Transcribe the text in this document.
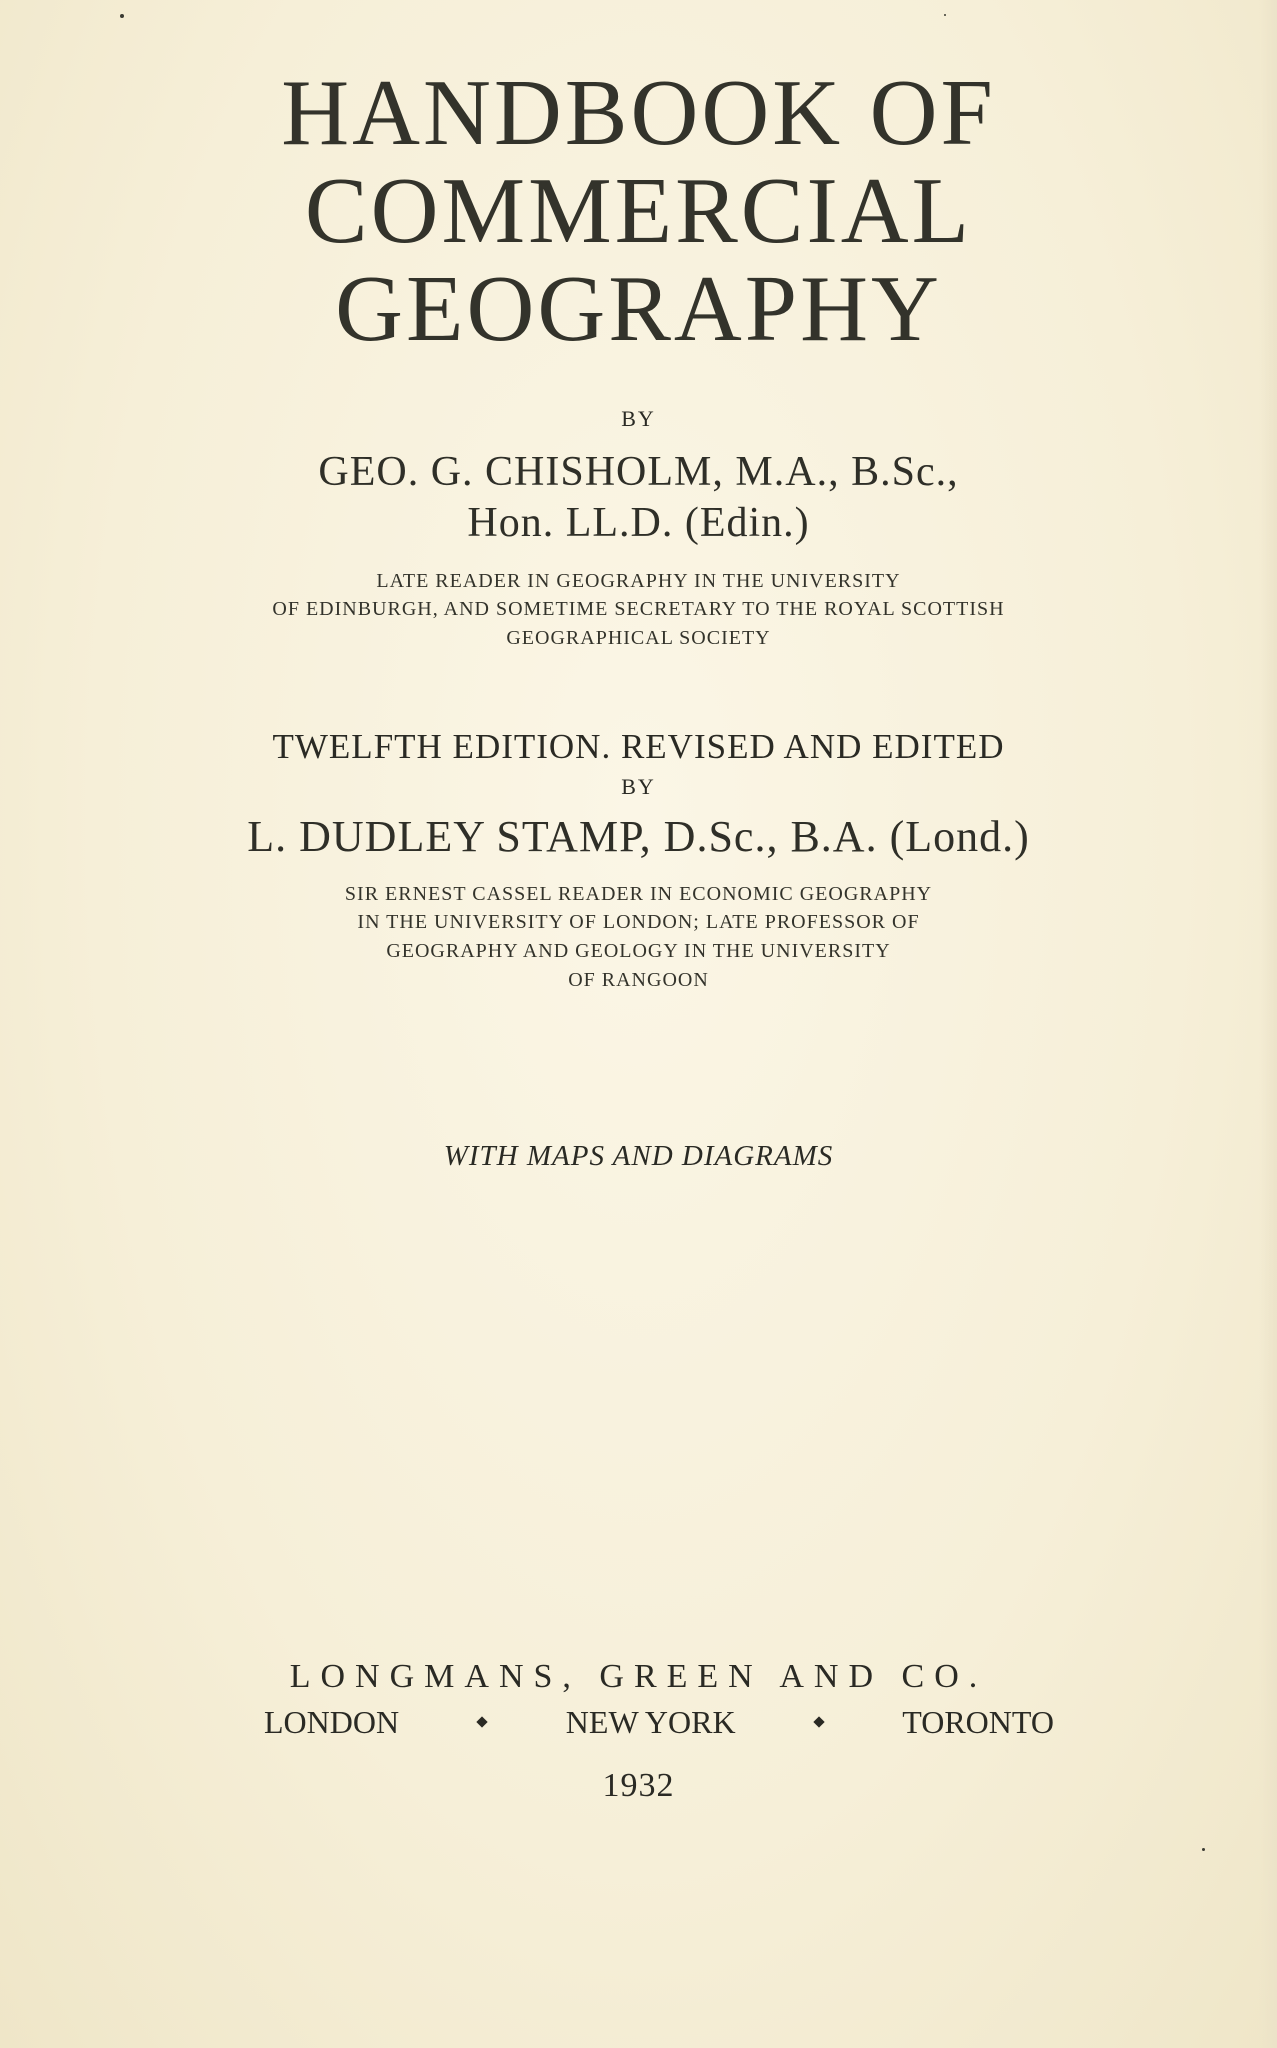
HANDBOOK OF
COMMERCIAL
GEOGRAPHY
BY
GEO. G. CHISHOLM, M.A., B.Sc.,
Hon. LL.D. (Edin.)
LATE READER IN GEOGRAPHY IN THE UNIVERSITY
OF EDINBURGH, AND SOMETIME SECRETARY TO THE ROYAL SCOTTISH
GEOGRAPHICAL SOCIETY
TWELFTH EDITION. REVISED AND EDITED
BY
L. DUDLEY STAMP, D.Sc., B.A. (Lond.)
SIR ERNEST CASSEL READER IN ECONOMIC GEOGRAPHY
IN THE UNIVERSITY OF LONDON; LATE PROFESSOR OF
GEOGRAPHY AND GEOLOGY IN THE UNIVERSITY
OF RANGOON
WITH MAPS AND DIAGRAMS
LONGMANS, GREEN AND CO.
LONDON	NEW YORK	TORONTO
1932
